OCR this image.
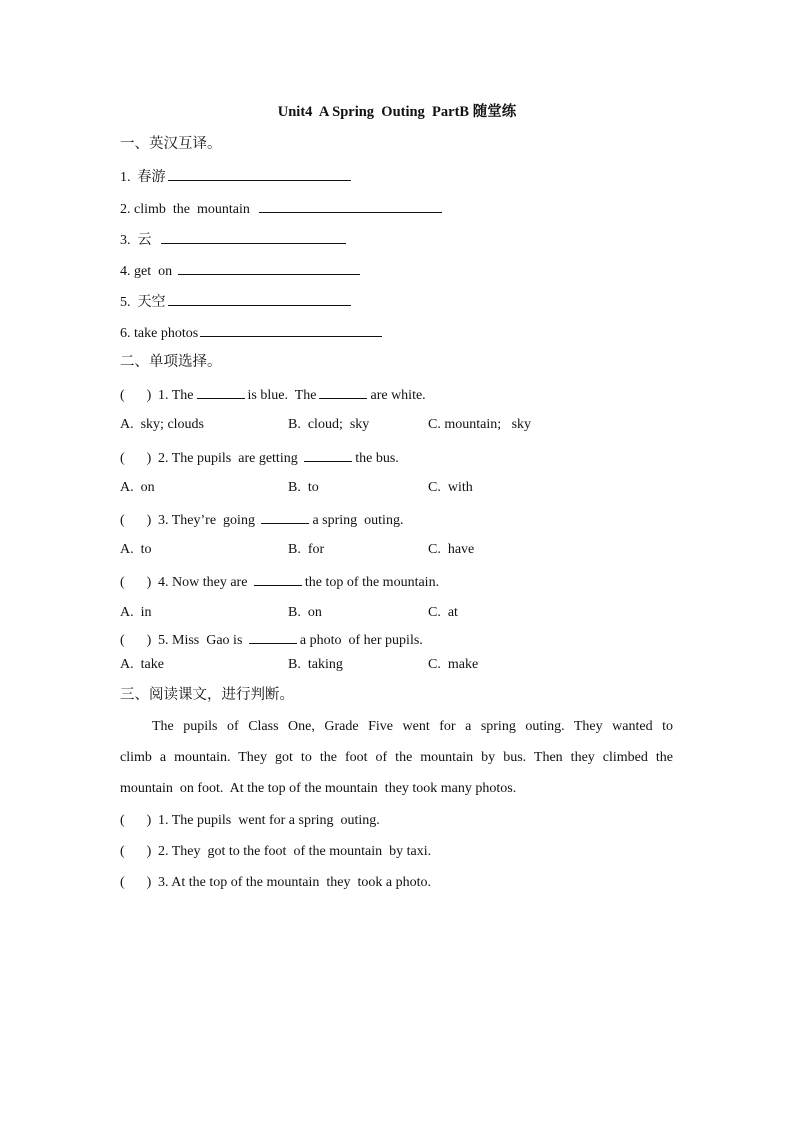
Unit4  A Spring  Outing  PartB 随堂练
一、英汉互译。
1.  春游
2. climb  the  mountain
3.  云
4. get  on
5.  天空
6. take photos
二、单项选择。
( ) 1. The	is blue.  The	are white.
A.  sky; clouds	B.  cloud;  sky	C. mountain;   sky
( ) 2. The pupils  are getting	the bus.
A.  on	B.  to	C.  with
( ) 3. They’re  going	a spring  outing.
A.  to	B.  for	C.  have
( ) 4. Now they are	the top of the mountain.
A.  in	B.  on	C.  at
( ) 5. Miss  Gao is	a photo  of her pupils.
A.  take	B.  taking	C.  make
三、阅读课文，进行判断。
The pupils of Class One, Grade Five went for a spring outing. They wanted to
climb a mountain. They got to the foot of the mountain by bus. Then they climbed the
mountain  on foot.  At the top of the mountain  they took many photos.
( ) 1. The pupils  went for a spring  outing.
( ) 2. They  got to the foot  of the mountain  by taxi.
( ) 3. At the top of the mountain  they  took a photo.
